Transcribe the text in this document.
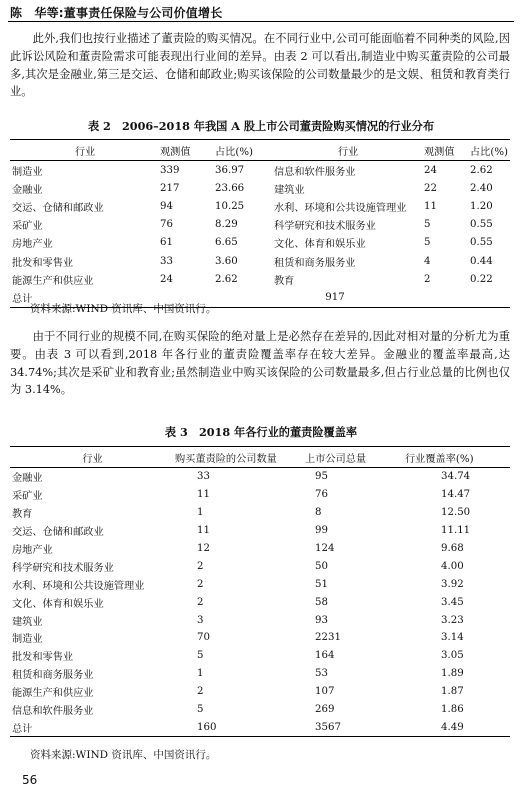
陈　华等:董事责任保险与公司价值增长

此外,我们也按行业描述了董责险的购买情况。在不同行业中,公司可能面临着不同种类的风险,因此诉讼风险和董责险需求可能表现出行业间的差异。由表 2 可以看出,制造业中购买董责险的公司最多,其次是金融业,第三是交运、仓储和邮政业;购买该保险的公司数量最少的是文娱、租赁和教育类行业。

表 2　2006–2018 年我国 A 股上市公司董责险购买情况的行业分布
行业	观测值	占比(%)	行业	观测值	占比(%)
制造业	339	36.97	信息和软件服务业	24	2.62
金融业	217	23.66	建筑业	22	2.40
交运、仓储和邮政业	94	10.25	水利、环境和公共设施管理业	11	1.20
采矿业	76	8.29	科学研究和技术服务业	5	0.55
房地产业	61	6.65	文化、体育和娱乐业	5	0.55
批发和零售业	33	3.60	租赁和商务服务业	4	0.44
能源生产和供应业	24	2.62	教育	2	0.22
总计	917				
资料来源:WIND 资讯库、中国资讯行。

由于不同行业的规模不同,在购买保险的绝对量上是必然存在差异的,因此对相对量的分析尤为重要。由表 3 可以看到,2018 年各行业的董责险覆盖率存在较大差异。金融业的覆盖率最高,达 34.74%;其次是采矿业和教育业;虽然制造业中购买该保险的公司数量最多,但占行业总量的比例也仅为 3.14%。

表 3　2018 年各行业的董责险覆盖率
行业	购买董责险的公司数量	上市公司总量	行业覆盖率(%)
金融业	33	95	34.74
采矿业	11	76	14.47
教育	1	8	12.50
交运、仓储和邮政业	11	99	11.11
房地产业	12	124	9.68
科学研究和技术服务业	2	50	4.00
水利、环境和公共设施管理业	2	51	3.92
文化、体育和娱乐业	2	58	3.45
建筑业	3	93	3.23
制造业	70	2231	3.14
批发和零售业	5	164	3.05
租赁和商务服务业	1	53	1.89
能源生产和供应业	2	107	1.87
信息和软件服务业	5	269	1.86
总计	160	3567	4.49
资料来源:WIND 资讯库、中国资讯行。
56
